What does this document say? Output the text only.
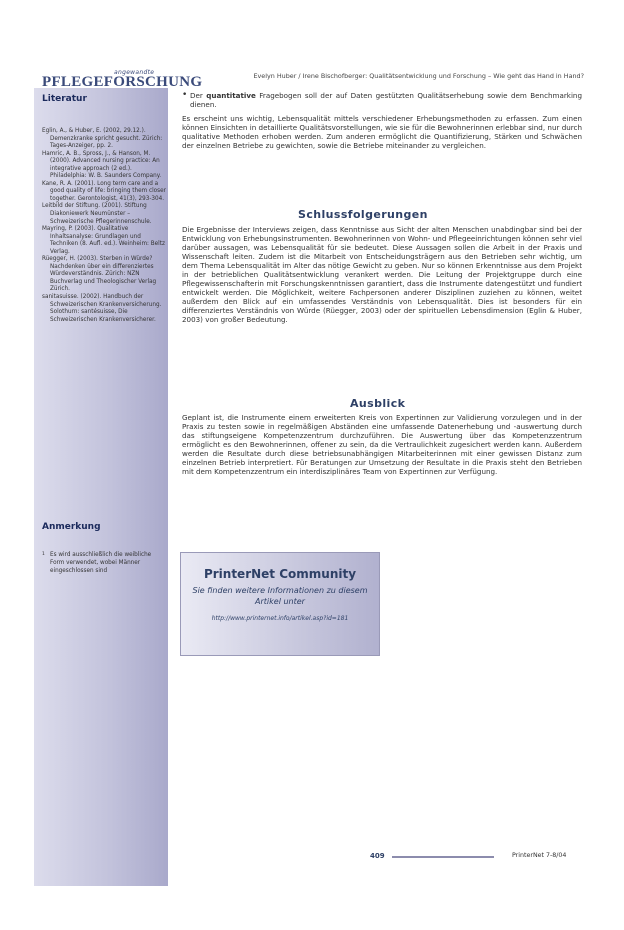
angewandte
PFLEGEFORSCHUNG	Evelyn Huber / Irene Bischofberger: Qualitätsentwicklung und Forschung – Wie geht das Hand in Hand?
Literatur
Eglin, A., & Huber, E. (2002, 29.12.). Demenzkranke spricht gesucht. Zürich: Tages-Anzeiger, pp. 2.
Hamric, A. B., Spross, J., & Hanson, M. (2000). Advanced nursing practice: An integrative approach (2 ed.). Philadelphia: W. B. Saunders Company.
Kane, R. A. (2001). Long term care and a good quality of life: bringing them closer together. Gerontologist, 41(3), 293-304.
Leitbild der Stiftung. (2001). Stiftung Diakoniewerk Neumünster – Schweizerische Pflegerinnenschule.
Mayring, P. (2003). Qualitative Inhaltsanalyse: Grundlagen und Techniken (8. Aufl. ed.). Weinheim: Beltz Verlag.
Rüegger, H. (2003). Sterben in Würde? Nachdenken über ein differenziertes Würdeverständnis. Zürich: NZN Buchverlag und Theologischer Verlag Zürich.
sanitasuisse. (2002). Handbuch der Schweizerischen Krankenversicherung. Solothurn: santésuisse, Die Schweizerischen Krankenversicherer.
Anmerkung
1 Es wird ausschließlich die weibliche Form verwendet, wobei Männer eingeschlossen sind

• Der quantitative Fragebogen soll der auf Daten gestützten Qualitätserhebung sowie dem Benchmarking dienen.

Es erscheint uns wichtig, Lebensqualität mittels verschiedener Erhebungsmethoden zu erfassen. Zum einen können Einsichten in detaillierte Qualitätsvorstellungen, wie sie für die Bewohnerinnen erlebbar sind, nur durch qualitative Methoden erhoben werden. Zum anderen ermöglicht die Quantifizierung, Stärken und Schwächen der einzelnen Betriebe zu gewichten, sowie die Betriebe miteinander zu vergleichen.

Schlussfolgerungen
Die Ergebnisse der Interviews zeigen, dass Kenntnisse aus Sicht der alten Menschen unabdingbar sind bei der Entwicklung von Erhebungsinstrumenten. Bewohnerinnen von Wohn- und Pflegeeinrichtungen können sehr viel darüber aussagen, was Lebensqualität für sie bedeutet. Diese Aussagen sollen die Arbeit in der Praxis und Wissenschaft leiten. Zudem ist die Mitarbeit von Entscheidungsträgern aus den Betrieben sehr wichtig, um dem Thema Lebensqualität im Alter das nötige Gewicht zu geben. Nur so können Erkenntnisse aus dem Projekt in der betrieblichen Qualitätsentwicklung verankert werden. Die Leitung der Projektgruppe durch eine Pflegewissenschafterin mit Forschungskenntnissen garantiert, dass die Instrumente datengestützt und fundiert entwickelt werden. Die Möglichkeit, weitere Fachpersonen anderer Disziplinen zuziehen zu können, weitet außerdem den Blick auf ein umfassendes Verständnis von Lebensqualität. Dies ist besonders für ein differenziertes Verständnis von Würde (Rüegger, 2003) oder der spirituellen Lebensdimension (Eglin & Huber, 2003) von großer Bedeutung.
Ausblick
Geplant ist, die Instrumente einem erweiterten Kreis von Expertinnen zur Validierung vorzulegen und in der Praxis zu testen sowie in regelmäßigen Abständen eine umfassende Datenerhebung und -auswertung durch das stiftungseigene Kompetenzzentrum durchzuführen. Die Auswertung über das Kompetenzzentrum ermöglicht es den Bewohnerinnen, offener zu sein, da die Vertraulichkeit zugesichert werden kann. Außerdem werden die Resultate durch diese betriebsunabhängigen Mitarbeiterinnen mit einer gewissen Distanz zum einzelnen Betrieb interpretiert. Für Beratungen zur Umsetzung der Resultate in die Praxis steht den Betrieben mit dem Kompetenzzentrum ein interdisziplinäres Team von Expertinnen zur Verfügung.
PrinterNet Community
Sie finden weitere Informationen zu diesem Artikel unter
http://www.printernet.info/artikel.asp?id=181
409	PrinterNet 7-8/04
